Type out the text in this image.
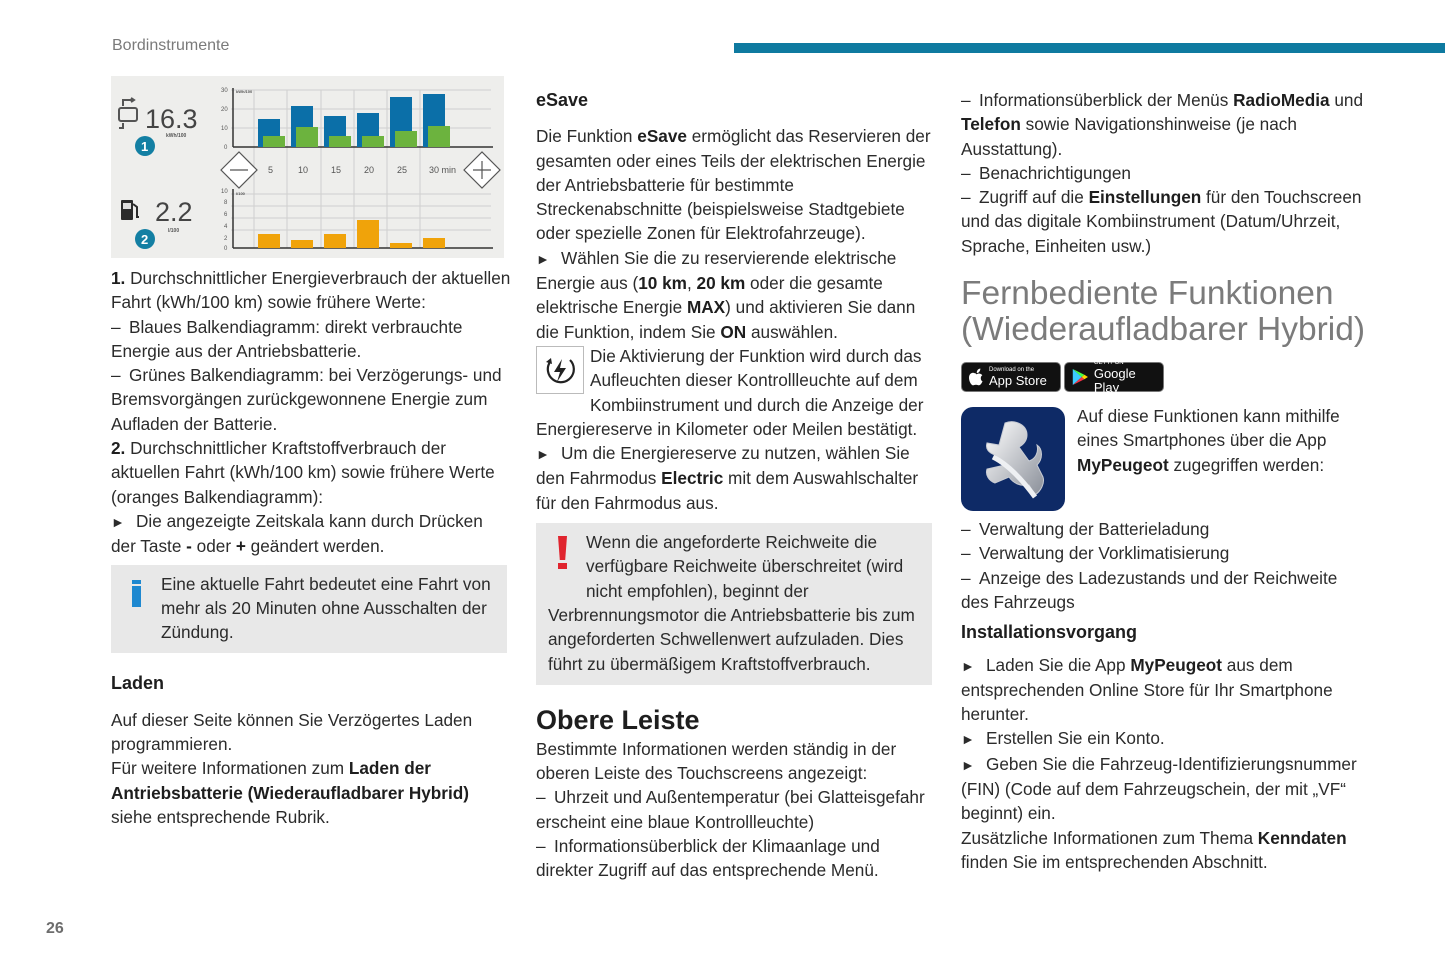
Bordinstrumente
26
16.3
kWh/100
1
2.2
l/100
2
30
20
10
0
10
8
6
4
2
0
kWh/100
l/100
5	10	15	20	25 30 min

1. Durchschnittlicher Energieverbrauch der aktuellen Fahrt (kWh/100 km) sowie frühere Werte:

– Blaues Balkendiagramm: direkt verbrauchte Energie aus der Antriebsbatterie.

– Grünes Balkendiagramm: bei Verzögerungs- und Bremsvorgängen zurückgewonnene Energie zum Aufladen der Batterie.

2. Durchschnittlicher Kraftstoffverbrauch der aktuellen Fahrt (kWh/100 km) sowie frühere Werte (oranges Balkendiagramm):

► Die angezeigte Zeitskala kann durch Drücken der Taste - oder + geändert werden.

Eine aktuelle Fahrt bedeutet eine Fahrt von mehr als 20 Minuten ohne Ausschalten der Zündung.

Laden

Auf dieser Seite können Sie Verzögertes Laden programmieren.

Für weitere Informationen zum Laden der Antriebsbatterie (Wiederaufladbarer Hybrid) siehe entsprechende Rubrik.

eSave

Die Funktion eSave ermöglicht das Reservieren der gesamten oder eines Teils der elektrischen Energie der Antriebsbatterie für bestimmte Streckenabschnitte (beispielsweise Stadtgebiete oder spezielle Zonen für Elektrofahrzeuge).

► Wählen Sie die zu reservierende elektrische Energie aus (10 km, 20 km oder die gesamte elektrische Energie MAX) und aktivieren Sie dann die Funktion, indem Sie ON auswählen.

Die Aktivierung der Funktion wird durch das Aufleuchten dieser Kontrollleuchte auf dem Kombiinstrument und durch die Anzeige der Energiereserve in Kilometer oder Meilen bestätigt.

► Um die Energiereserve zu nutzen, wählen Sie den Fahrmodus Electric mit dem Auswahlschalter für den Fahrmodus aus.

Wenn die angeforderte Reichweite die verfügbare Reichweite überschreitet (wird nicht empfohlen), beginnt der Verbrennungsmotor die Antriebsbatterie bis zum angeforderten Schwellenwert aufzuladen. Dies führt zu übermäßigem Kraftstoffverbrauch.

Obere Leiste

Bestimmte Informationen werden ständig in der oberen Leiste des Touchscreens angezeigt:

– Uhrzeit und Außentemperatur (bei Glatteisgefahr erscheint eine blaue Kontrollleuchte)

– Informationsüberblick der Klimaanlage und direkter Zugriff auf das entsprechende Menü.

– Informationsüberblick der Menüs RadioMedia und Telefon sowie Navigationshinweise (je nach Ausstattung).

– Benachrichtigungen

– Zugriff auf die Einstellungen für den Touchscreen und das digitale Kombiinstrument (Datum/Uhrzeit, Sprache, Einheiten usw.)

Fernbediente Funktionen (Wiederaufladbarer Hybrid)

Download on the
App Store
GET IT ON
Google Play

Auf diese Funktionen kann mithilfe eines Smartphones über die App MyPeugeot zugegriffen werden:

– Verwaltung der Batterieladung

– Verwaltung der Vorklimatisierung

– Anzeige des Ladezustands und der Reichweite des Fahrzeugs

Installationsvorgang

► Laden Sie die App MyPeugeot aus dem entsprechenden Online Store für Ihr Smartphone herunter.

► Erstellen Sie ein Konto.

► Geben Sie die Fahrzeug-Identifizierungsnummer (FIN) (Code auf dem Fahrzeugschein, der mit „VF“ beginnt) ein.

Zusätzliche Informationen zum Thema Kenndaten finden Sie im entsprechenden Abschnitt.
